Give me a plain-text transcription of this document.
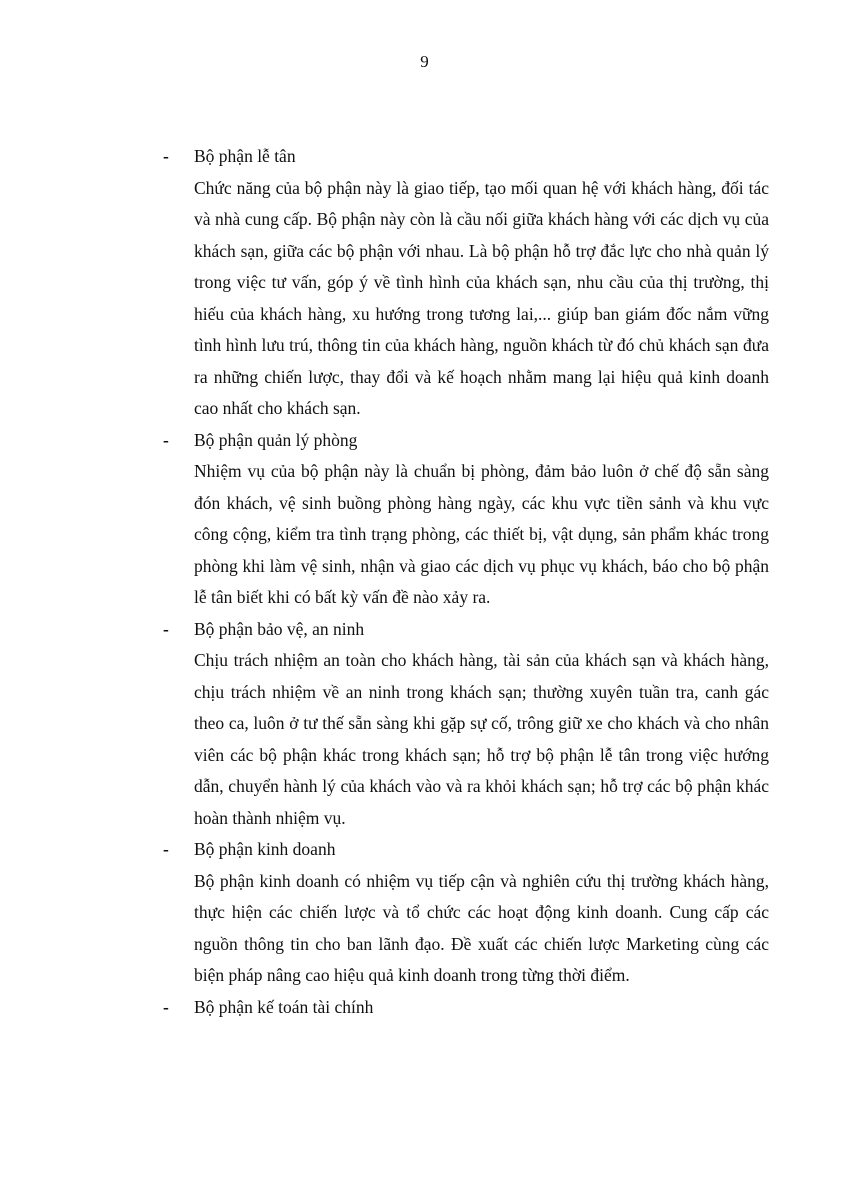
9
- Bộ phận lễ tân
Chức năng của bộ phận này là giao tiếp, tạo mối quan hệ với khách hàng, đối tác và nhà cung cấp. Bộ phận này còn là cầu nối giữa khách hàng với các dịch vụ của khách sạn, giữa các bộ phận với nhau. Là bộ phận hỗ trợ đắc lực cho nhà quản lý trong việc tư vấn, góp ý về tình hình của khách sạn, nhu cầu của thị trường, thị hiếu của khách hàng, xu hướng trong tương lai,... giúp ban giám đốc nắm vững tình hình lưu trú, thông tin của khách hàng, nguồn khách từ đó chủ khách sạn đưa ra những chiến lược, thay đổi và kế hoạch nhằm mang lại hiệu quả kinh doanh cao nhất cho khách sạn.
- Bộ phận quản lý phòng
Nhiệm vụ của bộ phận này là chuẩn bị phòng, đảm bảo luôn ở chế độ sẵn sàng đón khách, vệ sinh buồng phòng hàng ngày, các khu vực tiền sảnh và khu vực công cộng, kiểm tra tình trạng phòng, các thiết bị, vật dụng, sản phẩm khác trong phòng khi làm vệ sinh, nhận và giao các dịch vụ phục vụ khách, báo cho bộ phận lễ tân biết khi có bất kỳ vấn đề nào xảy ra.
- Bộ phận bảo vệ, an ninh
Chịu trách nhiệm an toàn cho khách hàng, tài sản của khách sạn và khách hàng, chịu trách nhiệm về an ninh trong khách sạn; thường xuyên tuần tra, canh gác theo ca, luôn ở tư thế sẵn sàng khi gặp sự cố, trông giữ xe cho khách và cho nhân viên các bộ phận khác trong khách sạn; hỗ trợ bộ phận lễ tân trong việc hướng dẫn, chuyển hành lý của khách vào và ra khỏi khách sạn; hỗ trợ các bộ phận khác hoàn thành nhiệm vụ.
- Bộ phận kinh doanh
Bộ phận kinh doanh có nhiệm vụ tiếp cận và nghiên cứu thị trường khách hàng, thực hiện các chiến lược và tổ chức các hoạt động kinh doanh. Cung cấp các nguồn thông tin cho ban lãnh đạo. Đề xuất các chiến lược Marketing cùng các biện pháp nâng cao hiệu quả kinh doanh trong từng thời điểm.
- Bộ phận kế toán tài chính
